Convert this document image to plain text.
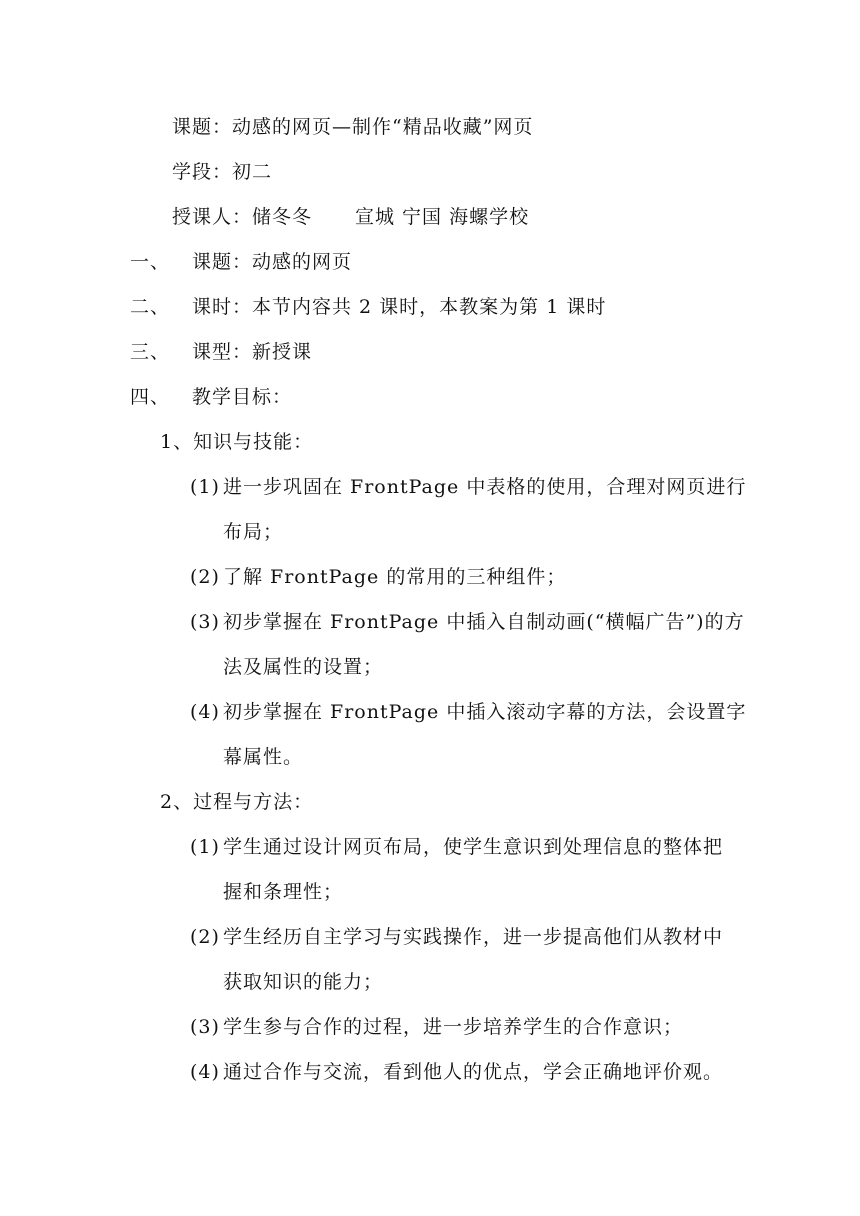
课题：动感的网页—制作“精品收藏”网页
学段：初二
授课人：储冬冬 宣城 宁国 海螺学校
一、 课题：动感的网页
二、 课时：本节内容共 2 课时，本教案为第 1 课时
三、 课型：新授课
四、 教学目标：
1、知识与技能：
(1) 进一步巩固在 FrontPage 中表格的使用，合理对网页进行
布局；
(2) 了解 FrontPage 的常用的三种组件；
(3) 初步掌握在 FrontPage 中插入自制动画(“横幅广告”)的方
法及属性的设置；
(4) 初步掌握在 FrontPage 中插入滚动字幕的方法，会设置字
幕属性。
2、过程与方法：
(1) 学生通过设计网页布局，使学生意识到处理信息的整体把
握和条理性；
(2) 学生经历自主学习与实践操作，进一步提高他们从教材中
获取知识的能力；
(3) 学生参与合作的过程，进一步培养学生的合作意识；
(4) 通过合作与交流，看到他人的优点，学会正确地评价观。
